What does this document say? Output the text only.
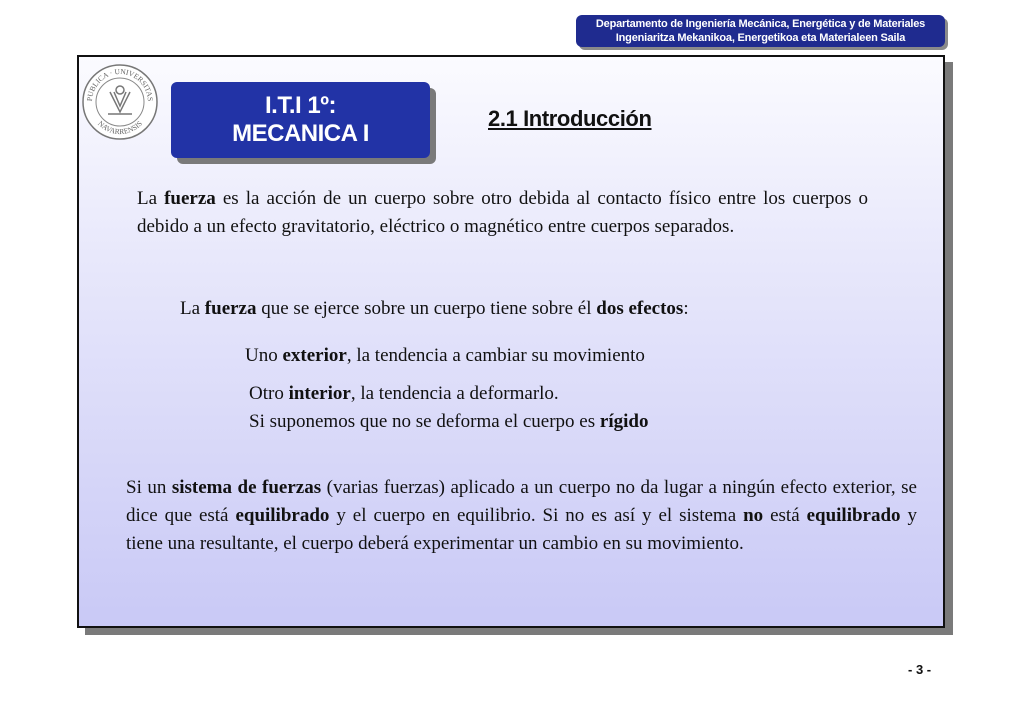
Departamento de Ingeniería Mecánica, Energética y de Materiales
Ingeniaritza Mekanikoa, Energetikoa eta Materialeen Saila
PUBLICA · UNIVERSITAS
NAVARRENSIS
I.T.I 1º:
MECANICA I
2.1 Introducción

La fuerza es la acción de un cuerpo sobre otro debida al contacto físico entre los cuerpos o debido a un efecto gravitatorio, eléctrico o magnético entre cuerpos separados.

La fuerza que se ejerce sobre un cuerpo tiene sobre él dos efectos:

Uno exterior, la tendencia a cambiar su movimiento

Otro interior, la tendencia a deformarlo.

Si suponemos que no se deforma el cuerpo es rígido

Si un sistema de fuerzas (varias fuerzas) aplicado a un cuerpo no da lugar a ningún efecto exterior, se dice que está equilibrado y el cuerpo en equilibrio. Si no es así y el sistema no está equilibrado y tiene una resultante, el cuerpo deberá experimentar un cambio en su movimiento.

- 3 -
